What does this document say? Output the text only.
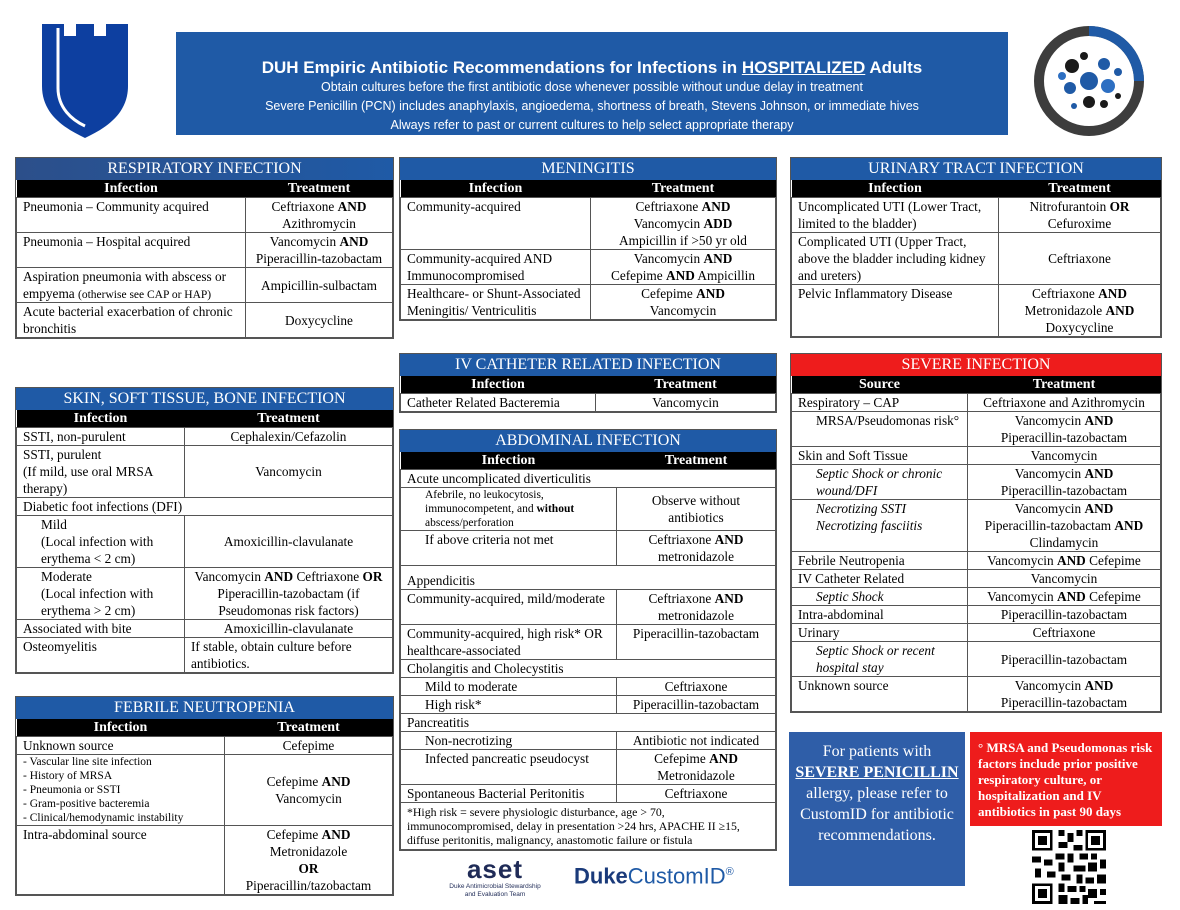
DUH Empiric Antibiotic Recommendations for Infections in HOSPITALIZED Adults
Obtain cultures before the first antibiotic dose whenever possible without undue delay in treatment
Severe Penicillin (PCN) includes anaphylaxis, angioedema, shortness of breath, Stevens Johnson, or immediate hives
Always refer to past or current cultures to help select appropriate therapy
RESPIRATORY INFECTION
Infection	Treatment
Pneumonia – Community acquired	Ceftriaxone AND
Azithromycin
Pneumonia – Hospital acquired	Vancomycin AND
Piperacillin-tazobactam
Aspiration pneumonia with abscess or empyema (otherwise see CAP or HAP)	Ampicillin-sulbactam
Acute bacterial exacerbation of chronic bronchitis	Doxycycline
SKIN, SOFT TISSUE, BONE INFECTION
Infection	Treatment
SSTI, non-purulent	Cephalexin/Cefazolin
SSTI, purulent
(If mild, use oral MRSA therapy)	Vancomycin
Diabetic foot infections (DFI)	
Mild
(Local infection with erythema < 2 cm)	Amoxicillin-clavulanate
Moderate
(Local infection with erythema > 2 cm)	Vancomycin AND Ceftriaxone OR Piperacillin-tazobactam (if Pseudomonas risk factors)
Associated with bite	Amoxicillin-clavulanate
Osteomyelitis	If stable, obtain culture before antibiotics.
FEBRILE NEUTROPENIA
Infection	Treatment
Unknown source	Cefepime
- Vascular line site infection
- History of MRSA
- Pneumonia or SSTI
- Gram-positive bacteremia
- Clinical/hemodynamic instability	Cefepime AND
Vancomycin
Intra-abdominal source	Cefepime AND
Metronidazole
OR
Piperacillin/tazobactam
MENINGITIS
Infection	Treatment
Community-acquired	Ceftriaxone AND
Vancomycin ADD
Ampicillin if >50 yr old
Community-acquired AND Immunocompromised	Vancomycin AND
Cefepime AND Ampicillin
Healthcare- or Shunt-Associated Meningitis/ Ventriculitis	Cefepime AND
Vancomycin
IV CATHETER RELATED INFECTION
Infection	Treatment
Catheter Related Bacteremia	Vancomycin
ABDOMINAL INFECTION
Infection	Treatment
Acute uncomplicated diverticulitis	
Afebrile, no leukocytosis, immunocompetent, and without abscess/perforation	Observe without antibiotics
If above criteria not met	Ceftriaxone AND
metronidazole
Appendicitis	
Community-acquired, mild/moderate	Ceftriaxone AND
metronidazole
Community-acquired, high risk* OR healthcare-associated	Piperacillin-tazobactam
Cholangitis and Cholecystitis	
Mild to moderate	Ceftriaxone
High risk*	Piperacillin-tazobactam
Pancreatitis	
Non-necrotizing	Antibiotic not indicated
Infected pancreatic pseudocyst	Cefepime AND
Metronidazole
Spontaneous Bacterial Peritonitis	Ceftriaxone
*High risk = severe physiologic disturbance, age > 70, immunocompromised, delay in presentation >24 hrs, APACHE II ≥15, diffuse peritonitis, malignancy, anastomotic failure or fistula	
URINARY TRACT INFECTION
Infection	Treatment
Uncomplicated UTI (Lower Tract, limited to the bladder)	Nitrofurantoin OR
Cefuroxime
Complicated UTI (Upper Tract, above the bladder including kidney and ureters)	Ceftriaxone
Pelvic Inflammatory Disease	Ceftriaxone AND
Metronidazole AND
Doxycycline
SEVERE INFECTION
Source	Treatment
Respiratory – CAP	Ceftriaxone and Azithromycin
MRSA/Pseudomonas risk°	Vancomycin AND
Piperacillin-tazobactam
Skin and Soft Tissue	Vancomycin
Septic Shock or chronic wound/DFI	Vancomycin AND
Piperacillin-tazobactam
Necrotizing SSTI Necrotizing fasciitis	Vancomycin AND
Piperacillin-tazobactam AND
Clindamycin
Febrile Neutropenia	Vancomycin AND Cefepime
IV Catheter Related	Vancomycin
Septic Shock	Vancomycin AND Cefepime
Intra-abdominal	Piperacillin-tazobactam
Urinary	Ceftriaxone
Septic Shock or recent hospital stay	Piperacillin-tazobactam
Unknown source	Vancomycin AND
Piperacillin-tazobactam
For patients with
SEVERE PENICILLIN
allergy, please refer to CustomID for antibiotic recommendations.
° MRSA and Pseudomonas risk factors include prior positive respiratory culture, or hospitalization and IV antibiotics in past 90 days
aset
Duke Antimicrobial Stewardship
and Evaluation Team
DukeCustomID®
